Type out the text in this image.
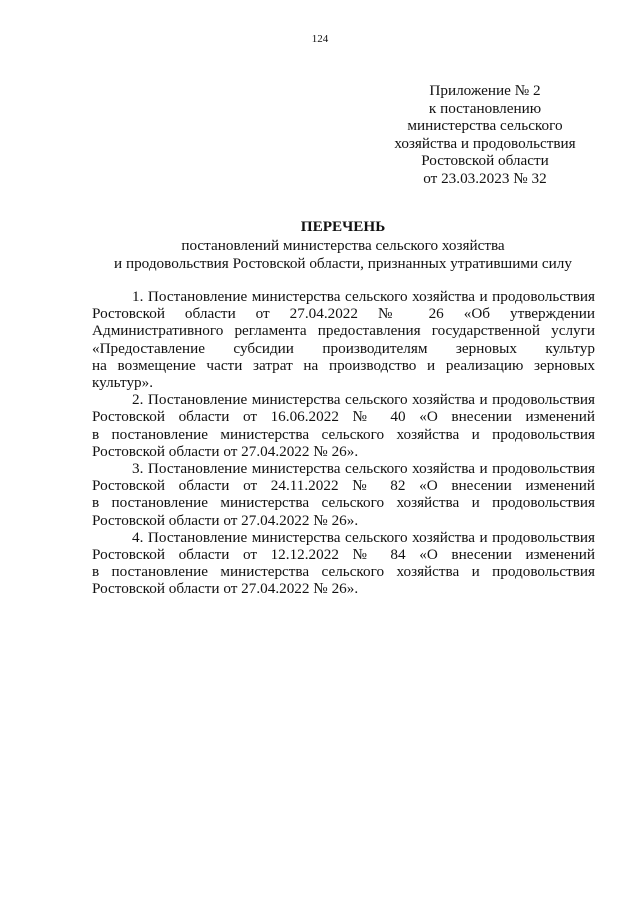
124
Приложение № 2
к постановлению
министерства сельского
хозяйства и продовольствия
Ростовской области
от 23.03.2023 № 32
ПЕРЕЧЕНЬ
постановлений министерства сельского хозяйства
и продовольствия Ростовской области, признанных утратившими силу

1. Постановление министерства сельского хозяйства и продовольствия

Ростовской области от 27.04.2022 № 26 «Об утверждении

Административного регламента предоставления государственной услуги

«Предоставление субсидии производителям зерновых культур

на возмещение части затрат на производство и реализацию зерновых

культур».

2. Постановление министерства сельского хозяйства и продовольствия

Ростовской области от 16.06.2022 № 40 «О внесении изменений

в постановление министерства сельского хозяйства и продовольствия

Ростовской области от 27.04.2022 № 26».

3. Постановление министерства сельского хозяйства и продовольствия

Ростовской области от 24.11.2022 № 82 «О внесении изменений

в постановление министерства сельского хозяйства и продовольствия

Ростовской области от 27.04.2022 № 26».

4. Постановление министерства сельского хозяйства и продовольствия

Ростовской области от 12.12.2022 № 84 «О внесении изменений

в постановление министерства сельского хозяйства и продовольствия

Ростовской области от 27.04.2022 № 26».
